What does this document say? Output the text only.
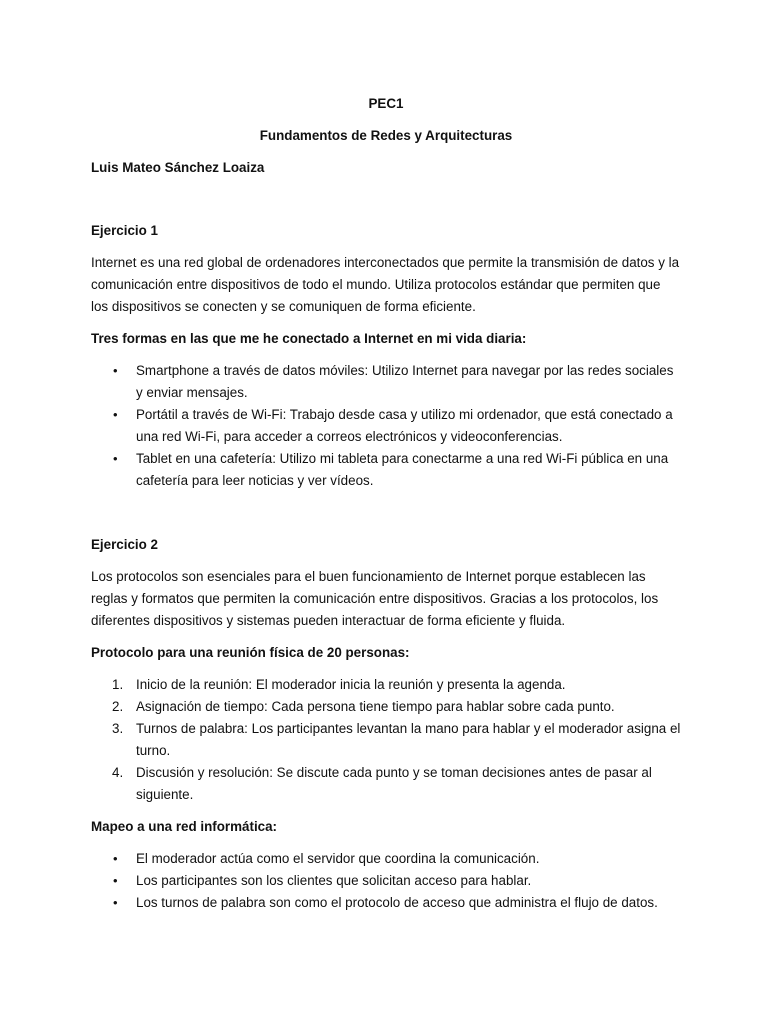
PEC1

Fundamentos de Redes y Arquitecturas

Luis Mateo Sánchez Loaiza

Ejercicio 1

Internet es una red global de ordenadores interconectados que permite la transmisión de datos y la comunicación entre dispositivos de todo el mundo. Utiliza protocolos estándar que permiten que los dispositivos se conecten y se comuniquen de forma eficiente.

Tres formas en las que me he conectado a Internet en mi vida diaria:

• Smartphone a través de datos móviles: Utilizo Internet para navegar por las redes sociales y enviar mensajes.
• Portátil a través de Wi-Fi: Trabajo desde casa y utilizo mi ordenador, que está conectado a una red Wi-Fi, para acceder a correos electrónicos y videoconferencias.
• Tablet en una cafetería: Utilizo mi tableta para conectarme a una red Wi-Fi pública en una cafetería para leer noticias y ver vídeos.

Ejercicio 2

Los protocolos son esenciales para el buen funcionamiento de Internet porque establecen las reglas y formatos que permiten la comunicación entre dispositivos. Gracias a los protocolos, los diferentes dispositivos y sistemas pueden interactuar de forma eficiente y fluida.

Protocolo para una reunión física de 20 personas:

1. Inicio de la reunión: El moderador inicia la reunión y presenta la agenda.
2. Asignación de tiempo: Cada persona tiene tiempo para hablar sobre cada punto.
3. Turnos de palabra: Los participantes levantan la mano para hablar y el moderador asigna el turno.
4. Discusión y resolución: Se discute cada punto y se toman decisiones antes de pasar al siguiente.

Mapeo a una red informática:

• El moderador actúa como el servidor que coordina la comunicación.
• Los participantes son los clientes que solicitan acceso para hablar.
• Los turnos de palabra son como el protocolo de acceso que administra el flujo de datos.
